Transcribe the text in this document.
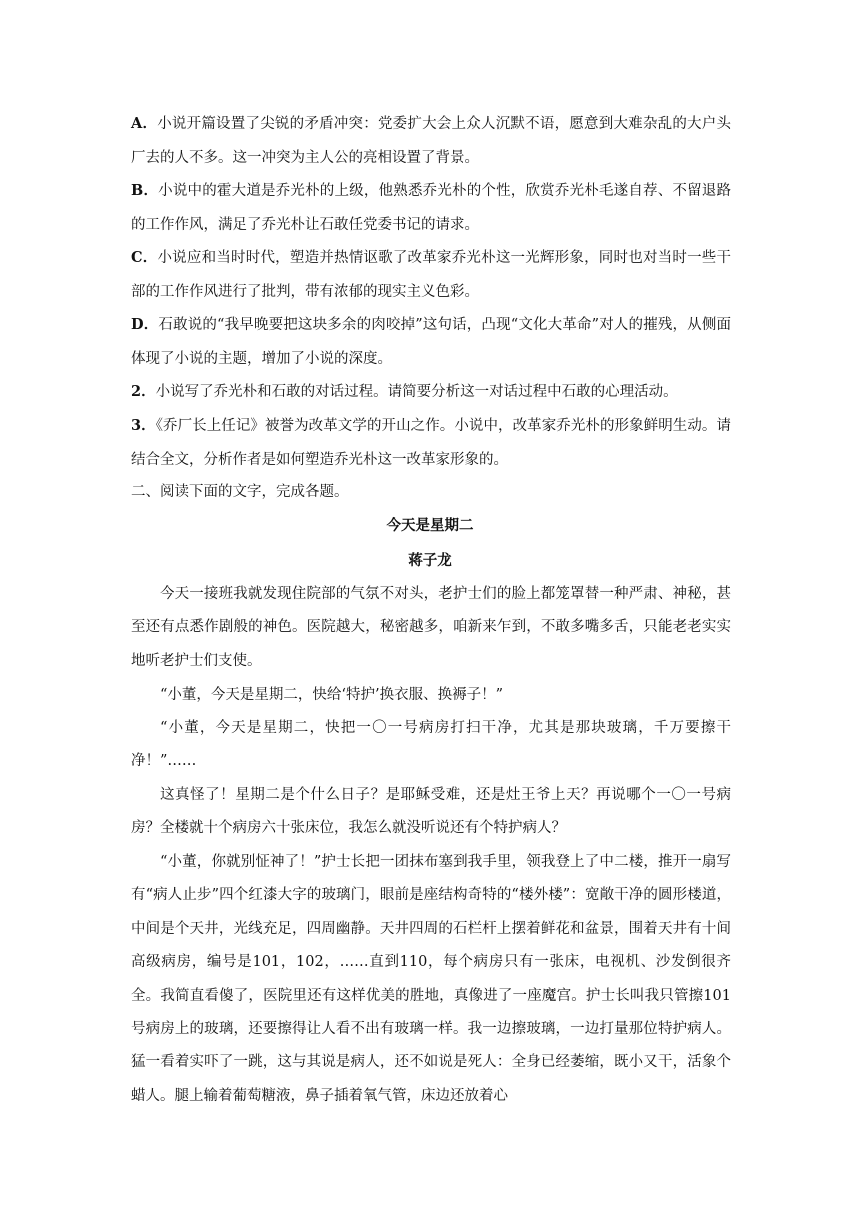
A．小说开篇设置了尖锐的矛盾冲突：党委扩大会上众人沉默不语，愿意到大难杂乱的大户头厂去的人不多。这一冲突为主人公的亮相设置了背景。

B．小说中的霍大道是乔光朴的上级，他熟悉乔光朴的个性，欣赏乔光朴毛遂自荐、不留退路的工作作风，满足了乔光朴让石敢任党委书记的请求。

C．小说应和当时时代，塑造并热情讴歌了改革家乔光朴这一光辉形象，同时也对当时一些干部的工作作风进行了批判，带有浓郁的现实主义色彩。

D．石敢说的“我早晚要把这块多余的肉咬掉”这句话，凸现“文化大革命”对人的摧残，从侧面体现了小说的主题，增加了小说的深度。

2．小说写了乔光朴和石敢的对话过程。请简要分析这一对话过程中石敢的心理活动。

3．《乔厂长上任记》被誉为改革文学的开山之作。小说中，改革家乔光朴的形象鲜明生动。请结合全文，分析作者是如何塑造乔光朴这一改革家形象的。

二、阅读下面的文字，完成各题。

今天是星期二

蒋子龙

今天一接班我就发现住院部的气氛不对头，老护士们的脸上都笼罩替一种严肃、神秘，甚至还有点悉作剧般的神色。医院越大，秘密越多，咱新来乍到，不敢多嘴多舌，只能老老实实地听老护士们支使。

“小董，今天是星期二，快给‘特护’换衣服、换褥子！”

“小董，今天是星期二，快把一〇一号病房打扫干净，尤其是那块玻璃，千万要擦干净！”……

这真怪了！星期二是个什么日子？是耶稣受难，还是灶王爷上天？再说哪个一〇一号病房？全楼就十个病房六十张床位，我怎么就没听说还有个特护病人？

“小董，你就别怔神了！”护士长把一团抹布塞到我手里，领我登上了中二楼，推开一扇写有“病人止步”四个红漆大字的玻璃门，眼前是座结构奇特的“楼外楼”：宽敞干净的圆形楼道，中间是个天井，光线充足，四周幽静。天井四周的石栏杆上摆着鲜花和盆景，围着天井有十间高级病房，编号是101，102，……直到110，每个病房只有一张床，电视机、沙发倒很齐全。我简直看傻了，医院里还有这样优美的胜地，真像进了一座魔宫。护士长叫我只管擦101号病房上的玻璃，还要擦得让人看不出有玻璃一样。我一边擦玻璃，一边打量那位特护病人。猛一看着实吓了一跳，这与其说是病人，还不如说是死人：全身已经萎缩，既小又干，活象个蜡人。腿上输着葡萄糖液，鼻子插着氧气管，床边还放着心
